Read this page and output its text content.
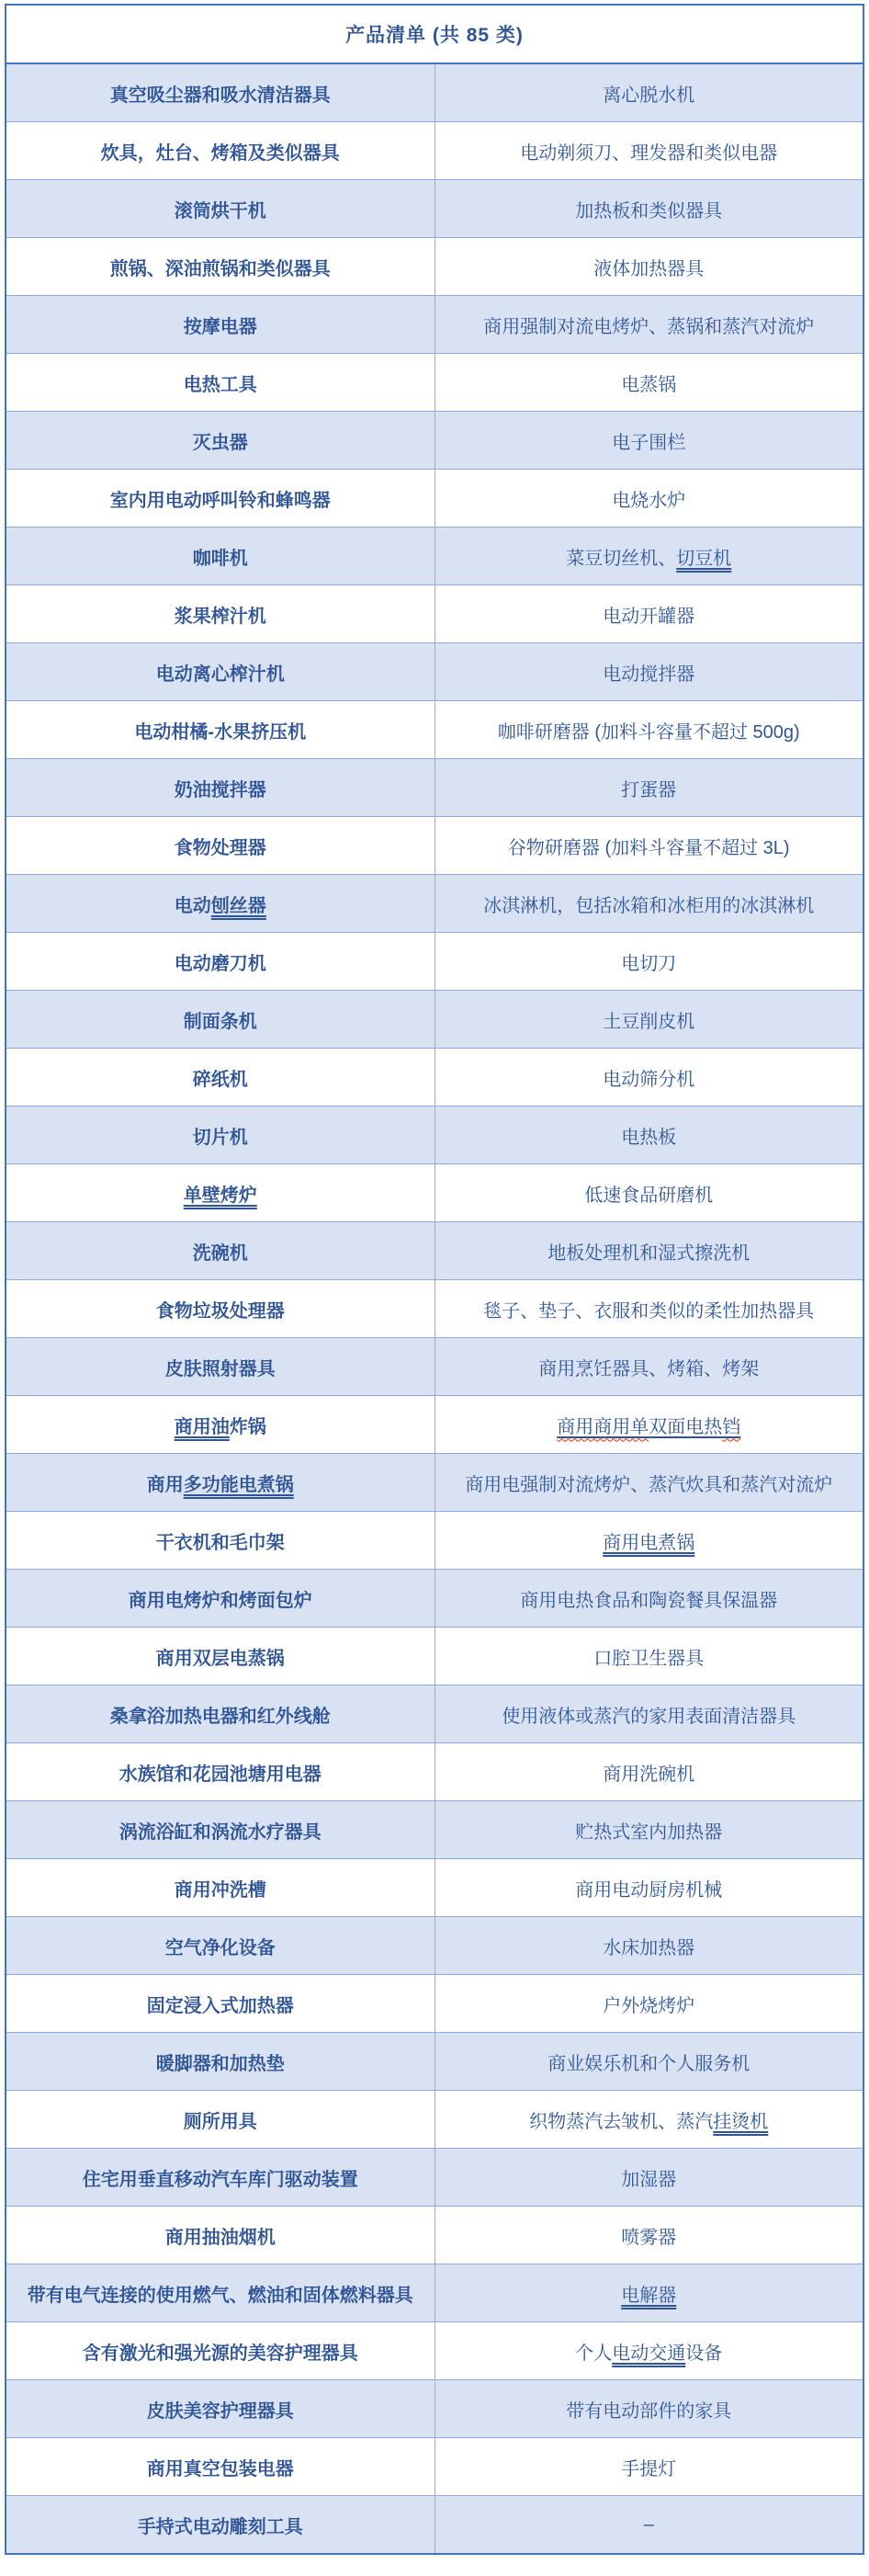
产品清单 (共 85 类)	
真空吸尘器和吸水清洁器具	离心脱水机
炊具，灶台、烤箱及类似器具	电动剃须刀、理发器和类似电器
滚筒烘干机	加热板和类似器具
煎锅、深油煎锅和类似器具	液体加热器具
按摩电器	商用强制对流电烤炉、蒸锅和蒸汽对流炉
电热工具	电蒸锅
灭虫器	电子围栏
室内用电动呼叫铃和蜂鸣器	电烧水炉
咖啡机	菜豆切丝机、切豆机
浆果榨汁机	电动开罐器
电动离心榨汁机	电动搅拌器
电动柑橘-水果挤压机	咖啡研磨器 (加料斗容量不超过 500g)
奶油搅拌器	打蛋器
食物处理器	谷物研磨器 (加料斗容量不超过 3L)
电动刨丝器	冰淇淋机，包括冰箱和冰柜用的冰淇淋机
电动磨刀机	电切刀
制面条机	土豆削皮机
碎纸机	电动筛分机
切片机	电热板
单壁烤炉	低速食品研磨机
洗碗机	地板处理机和湿式擦洗机
食物垃圾处理器	毯子、垫子、衣服和类似的柔性加热器具
皮肤照射器具	商用烹饪器具、烤箱、烤架
商用油炸锅	商用商用单双面电热铛
商用多功能电煮锅	商用电强制对流烤炉、蒸汽炊具和蒸汽对流炉
干衣机和毛巾架	商用电煮锅
商用电烤炉和烤面包炉	商用电热食品和陶瓷餐具保温器
商用双层电蒸锅	口腔卫生器具
桑拿浴加热电器和红外线舱	使用液体或蒸汽的家用表面清洁器具
水族馆和花园池塘用电器	商用洗碗机
涡流浴缸和涡流水疗器具	贮热式室内加热器
商用冲洗槽	商用电动厨房机械
空气净化设备	水床加热器
固定浸入式加热器	户外烧烤炉
暖脚器和加热垫	商业娱乐机和个人服务机
厕所用具	织物蒸汽去皱机、蒸汽挂烫机
住宅用垂直移动汽车库门驱动装置	加湿器
商用抽油烟机	喷雾器
带有电气连接的使用燃气、燃油和固体燃料器具	电解器
含有激光和强光源的美容护理器具	个人电动交通设备
皮肤美容护理器具	带有电动部件的家具
商用真空包装电器	手提灯
手持式电动雕刻工具	–
